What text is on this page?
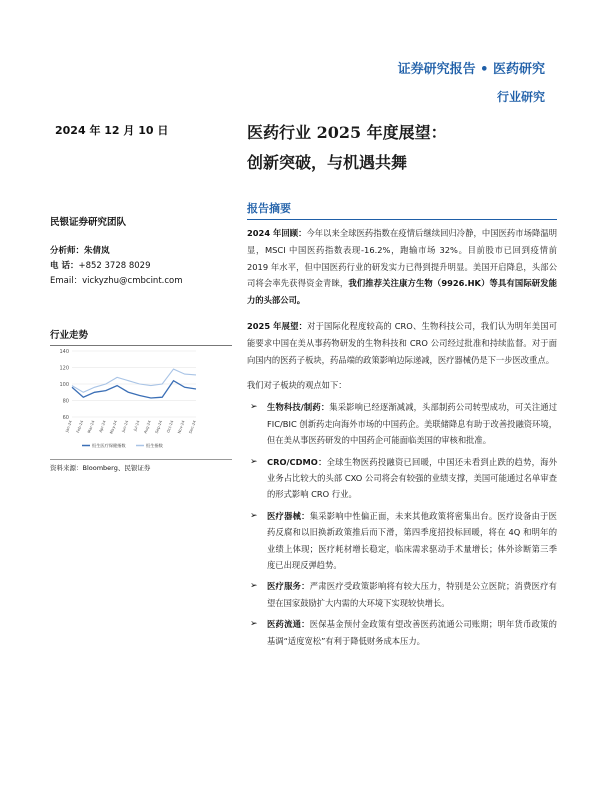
证券研究报告 • 医药研究
行业研究
2024 年 12 月 10 日	医药行业 2025 年度展望：
创新突破，与机遇共舞
民银证券研究团队
分析师：朱倩岚
电 话：+852 3728 8029
Email：vickyzhu@cmbcint.com
行业走势
140
120
100
80
60
Jan-24 Feb-24 Mar-24 Apr-24 May-24 Jun-24 Jul-24 Aug-24 Sep-24 Oct-24 Nov-24 Dec-24
恒生医疗保健指数	恒生指数
资料来源：Bloomberg、民银证券
报告摘要

2024 年回顾：今年以来全球医药指数在疫情后继续回归冷静，中国医药市场降温明显，MSCI 中国医药指数表现-16.2%，跑输市场 32%。目前股市已回到疫情前 2019 年水平，但中国医药行业的研发实力已得到提升明显。美国开启降息，头部公司将会率先获得资金青睐，我们推荐关注康方生物（9926.HK）等具有国际研发能力的头部公司。

2025 年展望：对于国际化程度较高的 CRO、生物科技公司，我们认为明年美国可能要求中国在美从事药物研发的生物科技和 CRO 公司经过批准和持续监督。对于面向国内的医药子板块，药品端的政策影响边际递减，医疗器械仍是下一步医改重点。

我们对子板块的观点如下：

➢ 生物科技/制药：集采影响已经逐渐减减，头部制药公司转型成功，可关注通过 FIC/BIC 创新药走向海外市场的中国药企。美联储降息有助于改善投融资环境，但在美从事医药研发的中国药企可能面临美国的审核和批准。
➢ CRO/CDMO：全球生物医药投融资已回暖，中国还未看到止跌的趋势，海外业务占比较大的头部 CXO 公司将会有较强的业绩支撑，美国可能通过名单审查的形式影响 CRO 行业。
➢ 医疗器械：集采影响中性偏正面，未来其他政策将密集出台。医疗设备由于医药反腐和以旧换新政策推后而下滑，第四季度招投标回暖，将在 4Q 和明年的业绩上体现；医疗耗材增长稳定，临床需求驱动手术量增长；体外诊断第三季度已出现反弹趋势。
➢ 医疗服务：严肃医疗受政策影响将有较大压力，特别是公立医院；消费医疗有望在国家鼓励扩大内需的大环境下实现较快增长。
➢ 医药流通：医保基金预付金政策有望改善医药流通公司账期；明年货币政策的基调“适度宽松”有利于降低财务成本压力。
